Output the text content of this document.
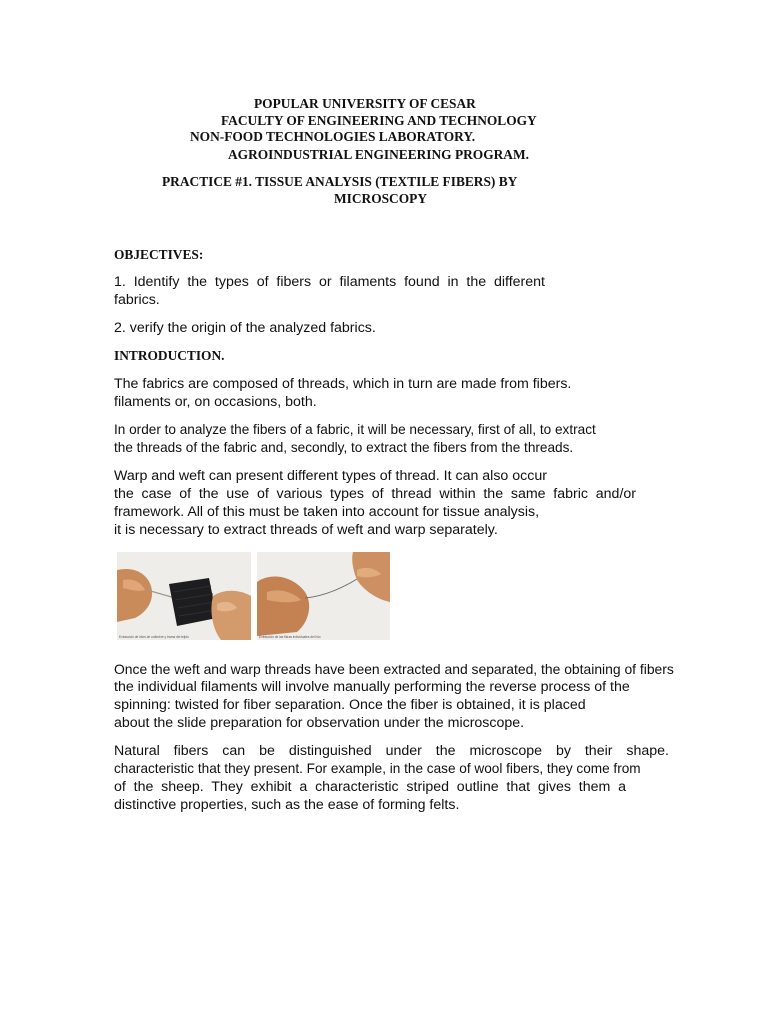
POPULAR UNIVERSITY OF CESAR
FACULTY OF ENGINEERING AND TECHNOLOGY
NON-FOOD TECHNOLOGIES LABORATORY.
AGROINDUSTRIAL ENGINEERING PROGRAM.
PRACTICE #1. TISSUE ANALYSIS (TEXTILE FIBERS) BY
MICROSCOPY
OBJECTIVES:
1. Identify the types of fibers or filaments found in the different
fabrics.
2. verify the origin of the analyzed fabrics.
INTRODUCTION.
The fabrics are composed of threads, which in turn are made from fibers.
filaments or, on occasions, both.
In order to analyze the fibers of a fabric, it will be necessary, first of all, to extract
the threads of the fabric and, secondly, to extract the fibers from the threads.
Warp and weft can present different types of thread. It can also occur
the case of the use of various types of thread within the same fabric and/or
framework. All of this must be taken into account for tissue analysis,
it is necessary to extract threads of weft and warp separately.
Extracción de hilos de urdimbre y trama del tejido	Extracción de las fibras individuales del hilo
Once the weft and warp threads have been extracted and separated, the obtaining of fibers
the individual filaments will involve manually performing the reverse process of the
spinning: twisted for fiber separation. Once the fiber is obtained, it is placed
about the slide preparation for observation under the microscope.
Natural fibers can be distinguished under the microscope by their shape.
characteristic that they present. For example, in the case of wool fibers, they come from
of the sheep. They exhibit a characteristic striped outline that gives them a
distinctive properties, such as the ease of forming felts.
